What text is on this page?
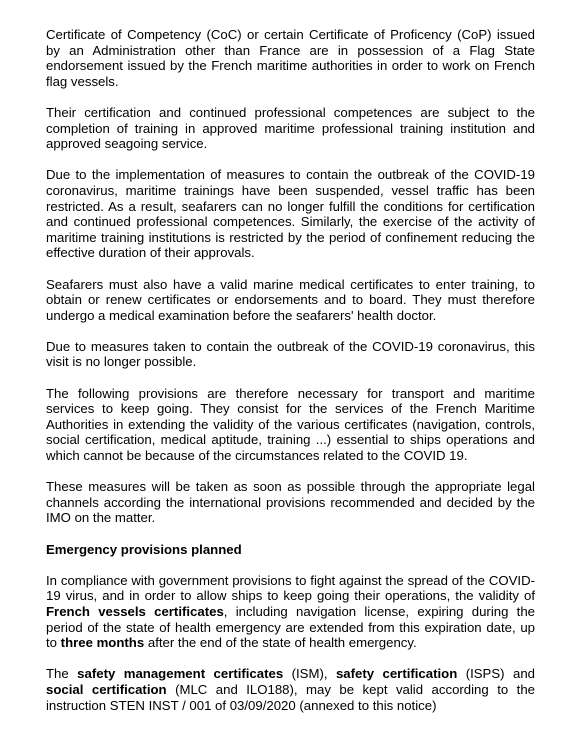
Certificate of Competency (CoC) or certain Certificate of Proficency (CoP) issued by an Administration other than France are in possession of a Flag State endorsement issued by the French maritime authorities in order to work on French flag vessels.

Their certification and continued professional competences are subject to the completion of training in approved maritime professional training institution and approved seagoing service.

Due to the implementation of measures to contain the outbreak of the COVID-19 coronavirus, maritime trainings have been suspended, vessel traffic has been restricted. As a result, seafarers can no longer fulfill the conditions for certification and continued professional competences. Similarly, the exercise of the activity of maritime training institutions is restricted by the period of confinement reducing the effective duration of their approvals.

Seafarers must also have a valid marine medical certificates to enter training, to obtain or renew certificates or endorsements and to board. They must therefore undergo a medical examination before the seafarers' health doctor.

Due to measures taken to contain the outbreak of the COVID-19 coronavirus, this visit is no longer possible.

The following provisions are therefore necessary for transport and maritime services to keep going. They consist for the services of the French Maritime Authorities in extending the validity of the various certificates (navigation, controls, social certification, medical aptitude, training ...) essential to ships operations and which cannot be because of the circumstances related to the COVID 19.

These measures will be taken as soon as possible through the appropriate legal channels according the international provisions recommended and decided by the IMO on the matter.

Emergency provisions planned

In compliance with government provisions to fight against the spread of the COVID-19 virus, and in order to allow ships to keep going their operations, the validity of French vessels certificates, including navigation license, expiring during the period of the state of health emergency are extended from this expiration date, up to three months after the end of the state of health emergency.

The safety management certificates (ISM), safety certification (ISPS) and social certification (MLC and ILO188), may be kept valid according to the instruction STEN INST / 001 of 03/09/2020 (annexed to this notice)
